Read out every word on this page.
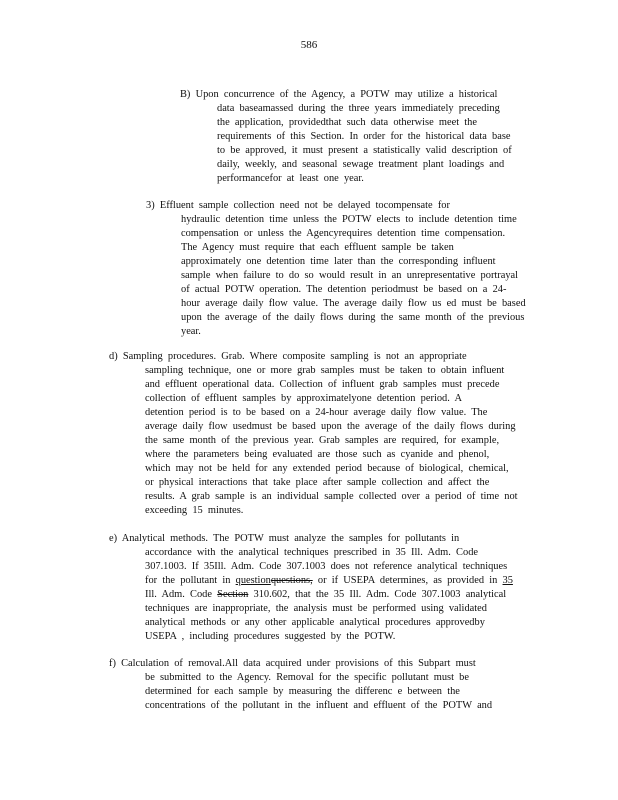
586
B) Upon concurrence of the Agency, a POTW may utilize a historical
data baseamassed during the three years immediately preceding
the application, providedthat such data otherwise meet the
requirements of this Section. In order for the historical data base
to be approved, it must present a statistically valid description of
daily, weekly, and seasonal sewage treatment plant loadings and
performancefor at least one year.
3) Effluent sample collection need not be delayed tocompensate for
hydraulic detention time unless the POTW elects to include detention time
compensation or unless the Agencyrequires detention time compensation.
The Agency must require that each effluent sample be taken
approximately one detention time later than the corresponding influent
sample when failure to do so would result in an unrepresentative portrayal
of actual POTW operation. The detention periodmust be based on a 24-
hour average daily flow value. The average daily flow us ed must be based
upon the average of the daily flows during the same month of the previous
year.
d) Sampling procedures. Grab. Where composite sampling is not an appropriate
sampling technique, one or more grab samples must be taken to obtain influent
and effluent operational data. Collection of influent grab samples must precede
collection of effluent samples by approximatelyone detention period. A
detention period is to be based on a 24-hour average daily flow value. The
average daily flow usedmust be based upon the average of the daily flows during
the same month of the previous year. Grab samples are required, for example,
where the parameters being evaluated are those such as cyanide and phenol,
which may not be held for any extended period because of biological, chemical,
or physical interactions that take place after sample collection and affect the
results. A grab sample is an individual sample collected over a period of time not
exceeding 15 minutes.
e) Analytical methods. The POTW must analyze the samples for pollutants in
accordance with the analytical techniques prescribed in 35 Ill. Adm. Code
307.1003. If 35Ill. Adm. Code 307.1003 does not reference analytical techniques
for the pollutant in questionquestions, or if USEPA determines, as provided in 35
Ill. Adm. Code Section 310.602, that the 35 Ill. Adm. Code 307.1003 analytical
techniques are inappropriate, the analysis must be performed using validated
analytical methods or any other applicable analytical procedures approvedby
USEPA , including procedures suggested by the POTW.
f) Calculation of removal.All data acquired under provisions of this Subpart must
be submitted to the Agency. Removal for the specific pollutant must be
determined for each sample by measuring the differenc e between the
concentrations of the pollutant in the influent and effluent of the POTW and
